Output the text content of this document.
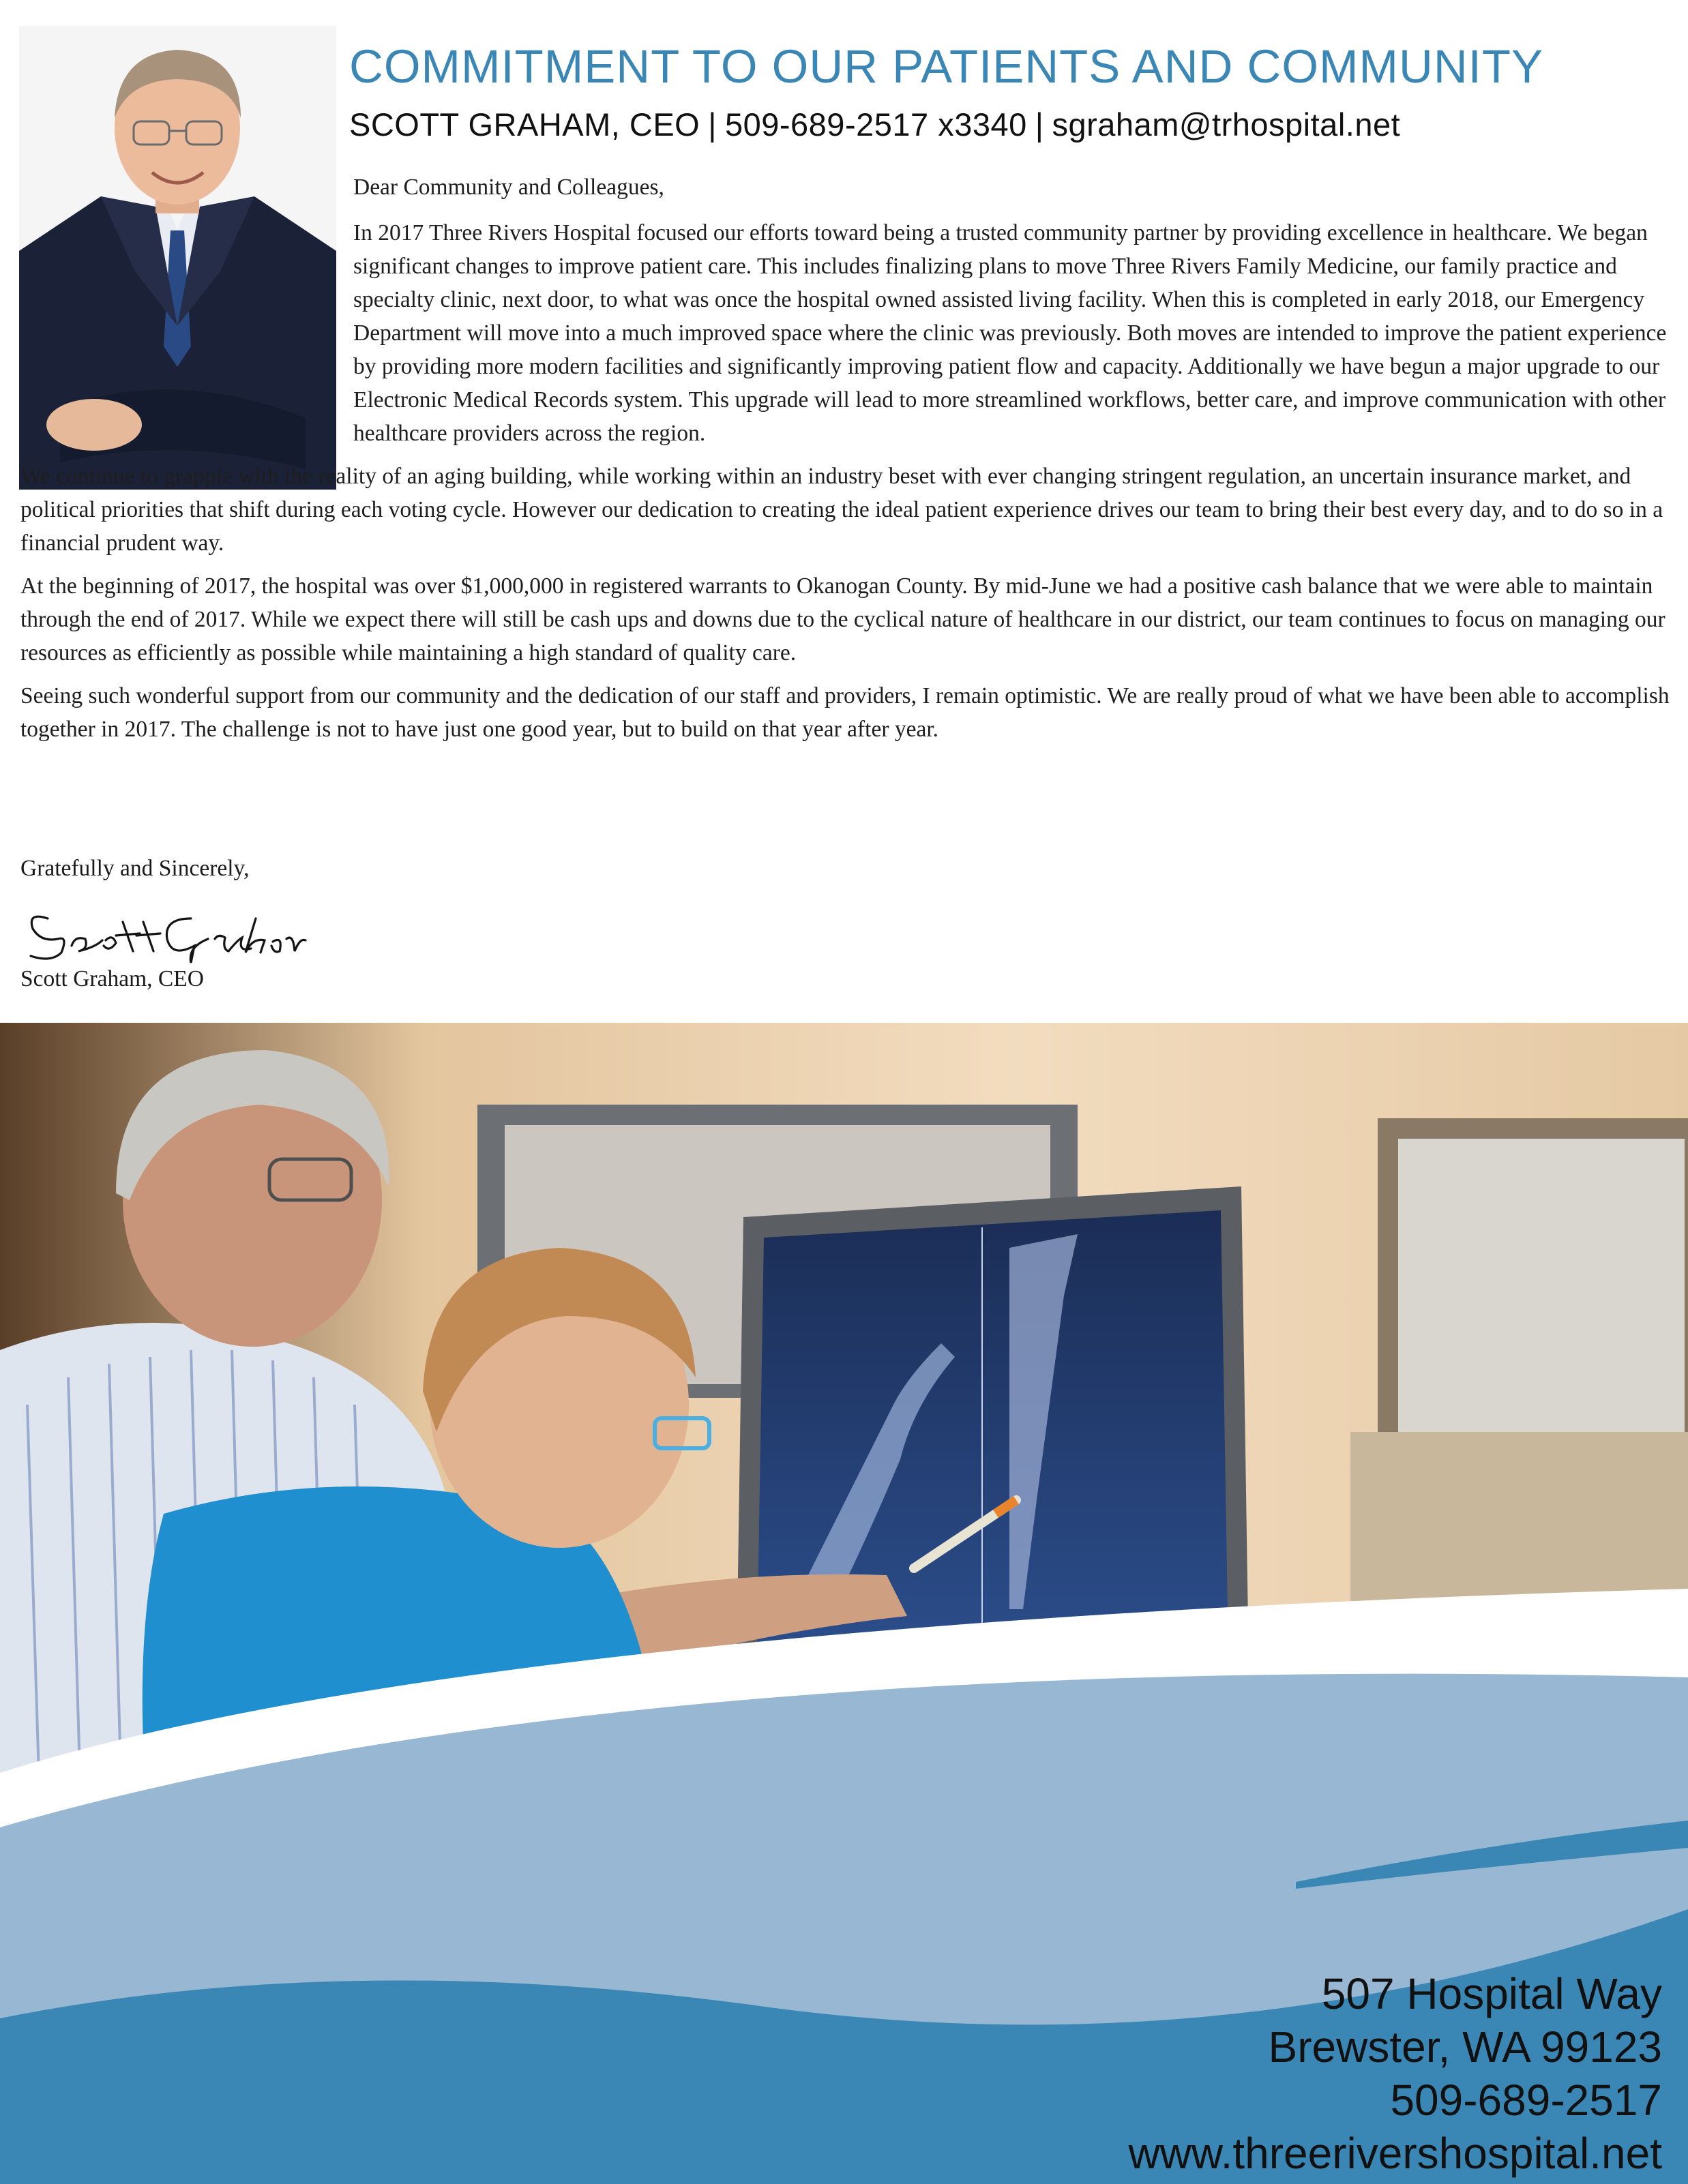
COMMITMENT TO OUR PATIENTS AND COMMUNITY
SCOTT GRAHAM, CEO | 509-689-2517 x3340 | sgraham@trhospital.net

Dear Community and Colleagues,

In 2017 Three Rivers Hospital focused our efforts toward being a trusted community partner by providing excellence in healthcare. We began significant changes to improve patient care. This includes finalizing plans to move Three Rivers Family Medicine, our family practice and specialty clinic, next door, to what was once the hospital owned assisted living facility. When this is completed in early 2018, our Emergency Department will move into a much improved space where the clinic was previously. Both moves are intended to improve the patient experience by providing more modern facilities and significantly improving patient flow and capacity. Additionally we have begun a major upgrade to our Electronic Medical Records system. This upgrade will lead to more streamlined workflows, better care, and improve communication with other healthcare providers across the region.

We continue to grapple with the reality of an aging building, while working within an industry beset with ever changing stringent regulation, an uncertain insurance market, and political priorities that shift during each voting cycle. However our dedication to creating the ideal patient experience drives our team to bring their best every day, and to do so in a financial prudent way.

At the beginning of 2017, the hospital was over $1,000,000 in registered warrants to Okanogan County. By mid-June we had a positive cash balance that we were able to maintain through the end of 2017. While we expect there will still be cash ups and downs due to the cyclical nature of healthcare in our district, our team continues to focus on managing our resources as efficiently as possible while maintaining a high standard of quality care.

Seeing such wonderful support from our community and the dedication of our staff and providers, I remain optimistic. We are really proud of what we have been able to accomplish together in 2017. The challenge is not to have just one good year, but to build on that year after year.

Gratefully and Sincerely,
Scott Graham, CEO
507 Hospital Way
Brewster, WA 99123
509-689-2517
www.threerivershospital.net
